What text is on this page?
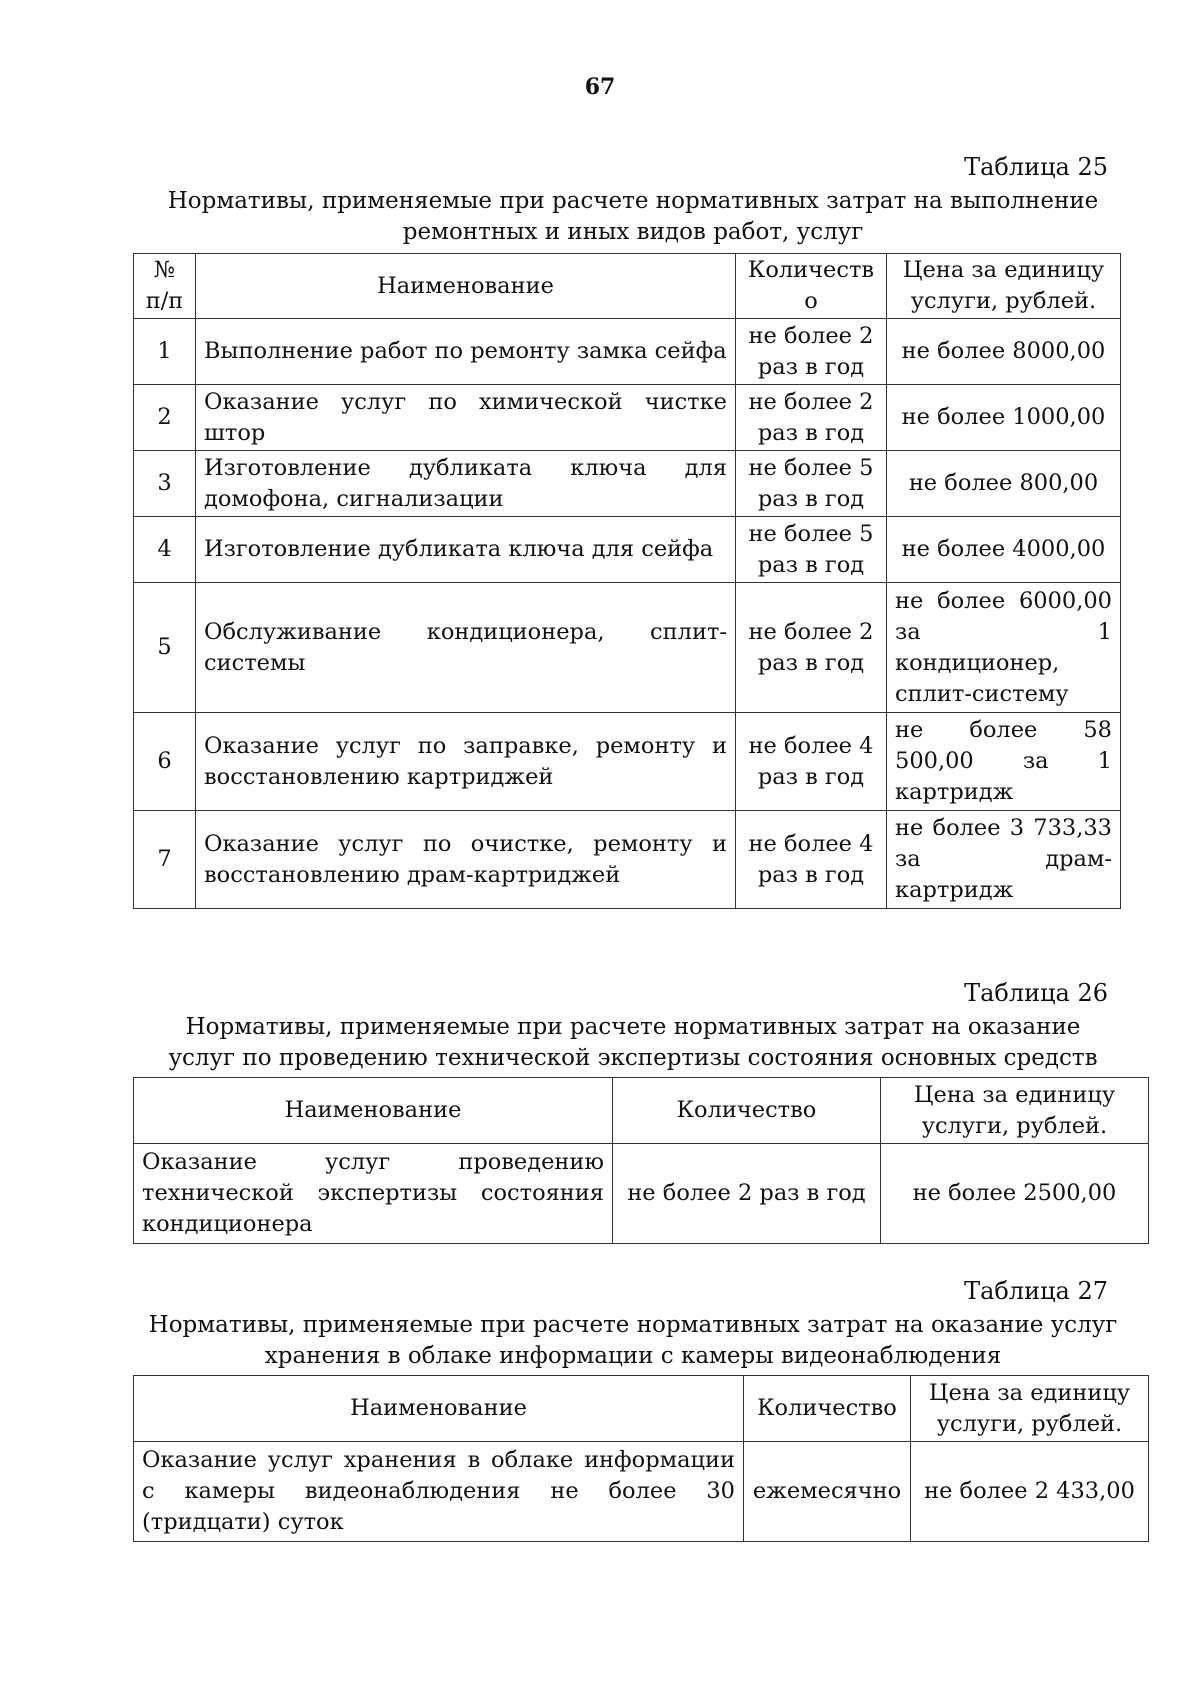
67
Таблица 25
Нормативы, применяемые при расчете нормативных затрат на выполнение
ремонтных и иных видов работ, услуг
№ п/п	Наименование	Количество	Цена за единицу услуги, рублей.
1	Выполнение работ по ремонту замка сейфа	не более 2 раз в год	не более 8000,00
2	Оказание услуг по химической чистке штор	не более 2 раз в год	не более 1000,00
3	Изготовление дубликата ключа для домофона, сигнализации	не более 5 раз в год	не более 800,00
4	Изготовление дубликата ключа для сейфа	не более 5 раз в год	не более 4000,00
5	Обслуживание кондиционера, сплит-системы	не более 2 раз в год	не более 6000,00 за 1 кондиционер, сплит-систему
6	Оказание услуг по заправке, ремонту и восстановлению картриджей	не более 4 раз в год	не более 58 500,00 за 1 картридж
7	Оказание услуг по очистке, ремонту и восстановлению драм-картриджей	не более 4 раз в год	не более 3 733,33 за драм-картридж
Таблица 26
Нормативы, применяемые при расчете нормативных затрат на оказание
услуг по проведению технической экспертизы состояния основных средств
Наименование	Количество	Цена за единицу услуги, рублей.
Оказание услуг проведению технической экспертизы состояния кондиционера	не более 2 раз в год	не более 2500,00
Таблица 27
Нормативы, применяемые при расчете нормативных затрат на оказание услуг
хранения в облаке информации с камеры видеонаблюдения
Наименование	Количество	Цена за единицу услуги, рублей.
Оказание услуг хранения в облаке информации с камеры видеонаблюдения не более 30 (тридцати) суток	ежемесячно	не более 2 433,00
